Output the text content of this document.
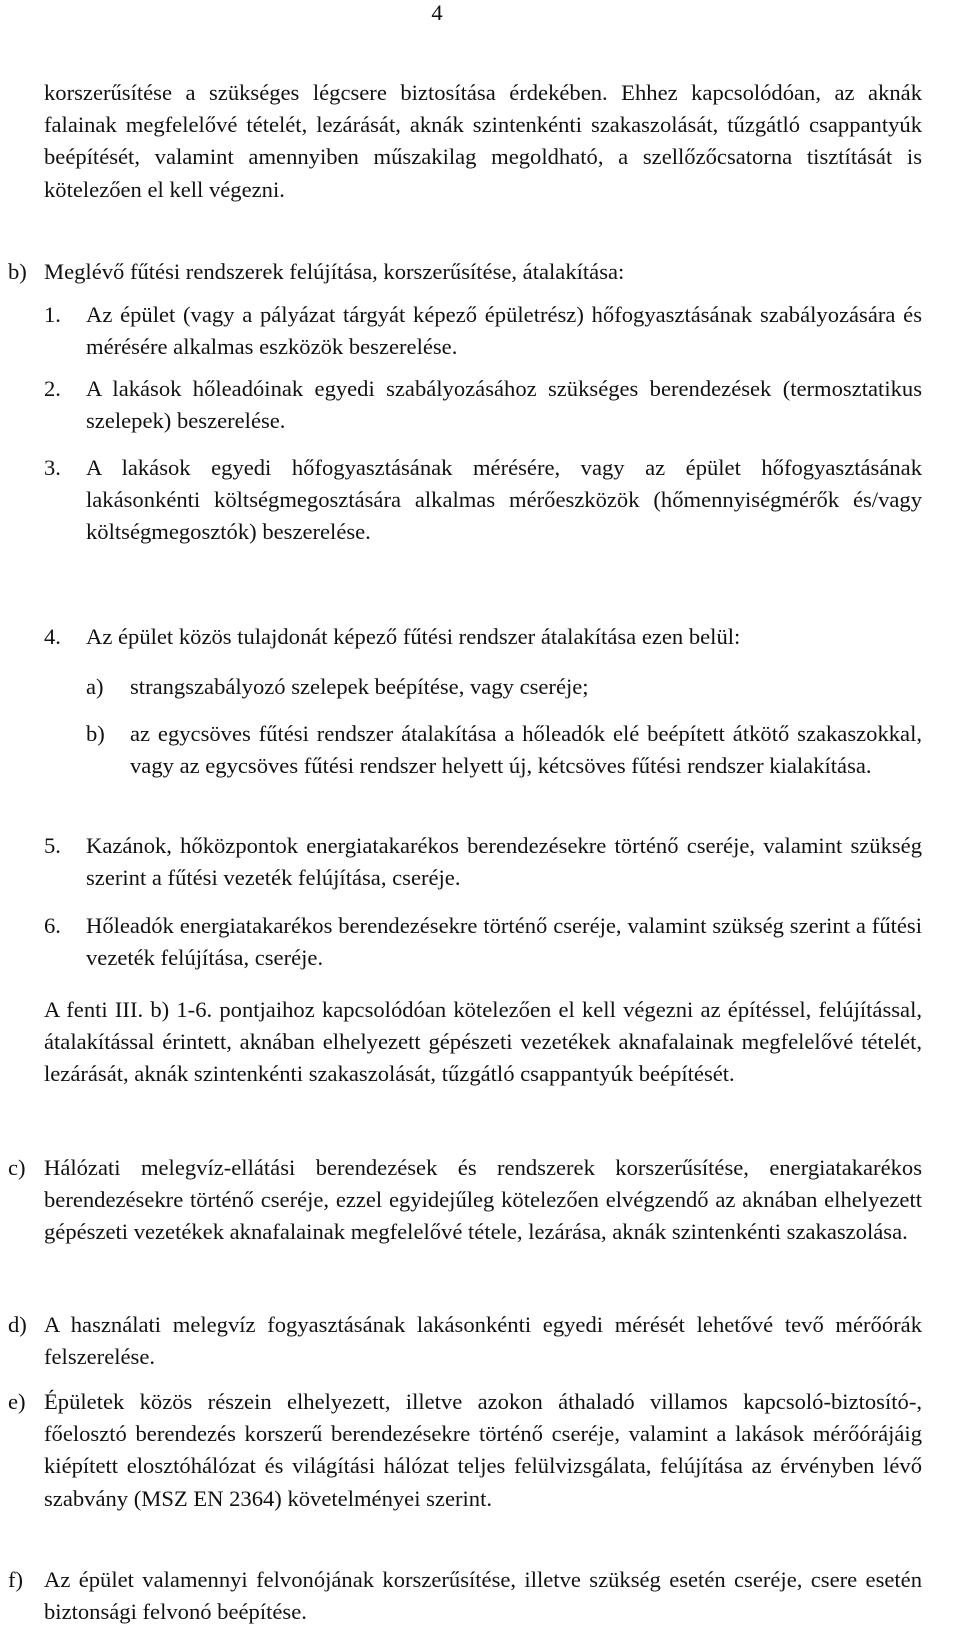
4
korszerűsítése a szükséges légcsere biztosítása érdekében. Ehhez kapcsolódóan, az aknák falainak megfelelővé tételét, lezárását, aknák szintenkénti szakaszolását, tűzgátló csappantyúk beépítését, valamint amennyiben műszakilag megoldható, a szellőzőcsatorna tisztítását is kötelezően el kell végezni.
b) Meglévő fűtési rendszerek felújítása, korszerűsítése, átalakítása:
1. Az épület (vagy a pályázat tárgyát képező épületrész) hőfogyasztásának szabályozására és mérésére alkalmas eszközök beszerelése.
2. A lakások hőleadóinak egyedi szabályozásához szükséges berendezések (termosztatikus szelepek) beszerelése.
3. A lakások egyedi hőfogyasztásának mérésére, vagy az épület hőfogyasztásának lakásonkénti költségmegosztására alkalmas mérőeszközök (hőmennyiségmérők és/vagy költségmegosztók) beszerelése.
4. Az épület közös tulajdonát képező fűtési rendszer átalakítása ezen belül:
a) strangszabályozó szelepek beépítése, vagy cseréje;
b) az egycsöves fűtési rendszer átalakítása a hőleadók elé beépített átkötő szakaszokkal, vagy az egycsöves fűtési rendszer helyett új, kétcsöves fűtési rendszer kialakítása.
5. Kazánok, hőközpontok energiatakarékos berendezésekre történő cseréje, valamint szükség szerint a fűtési vezeték felújítása, cseréje.
6. Hőleadók energiatakarékos berendezésekre történő cseréje, valamint szükség szerint a fűtési vezeték felújítása, cseréje.
A fenti III. b) 1-6. pontjaihoz kapcsolódóan kötelezően el kell végezni az építéssel, felújítással, átalakítással érintett, aknában elhelyezett gépészeti vezetékek aknafalainak megfelelővé tételét, lezárását, aknák szintenkénti szakaszolását, tűzgátló csappantyúk beépítését.
c) Hálózati melegvíz-ellátási berendezések és rendszerek korszerűsítése, energiatakarékos berendezésekre történő cseréje, ezzel egyidejűleg kötelezően elvégzendő az aknában elhelyezett gépészeti vezetékek aknafalainak megfelelővé tétele, lezárása, aknák szintenkénti szakaszolása.
d) A használati melegvíz fogyasztásának lakásonkénti egyedi mérését lehetővé tevő mérőórák felszerelése.
e) Épületek közös részein elhelyezett, illetve azokon áthaladó villamos kapcsoló-biztosító-, főelosztó berendezés korszerű berendezésekre történő cseréje, valamint a lakások mérőórájáig kiépített elosztóhálózat és világítási hálózat teljes felülvizsgálata, felújítása az érvényben lévő szabvány (MSZ EN 2364) követelményei szerint.
f) Az épület valamennyi felvonójának korszerűsítése, illetve szükség esetén cseréje, csere esetén biztonsági felvonó beépítése.
